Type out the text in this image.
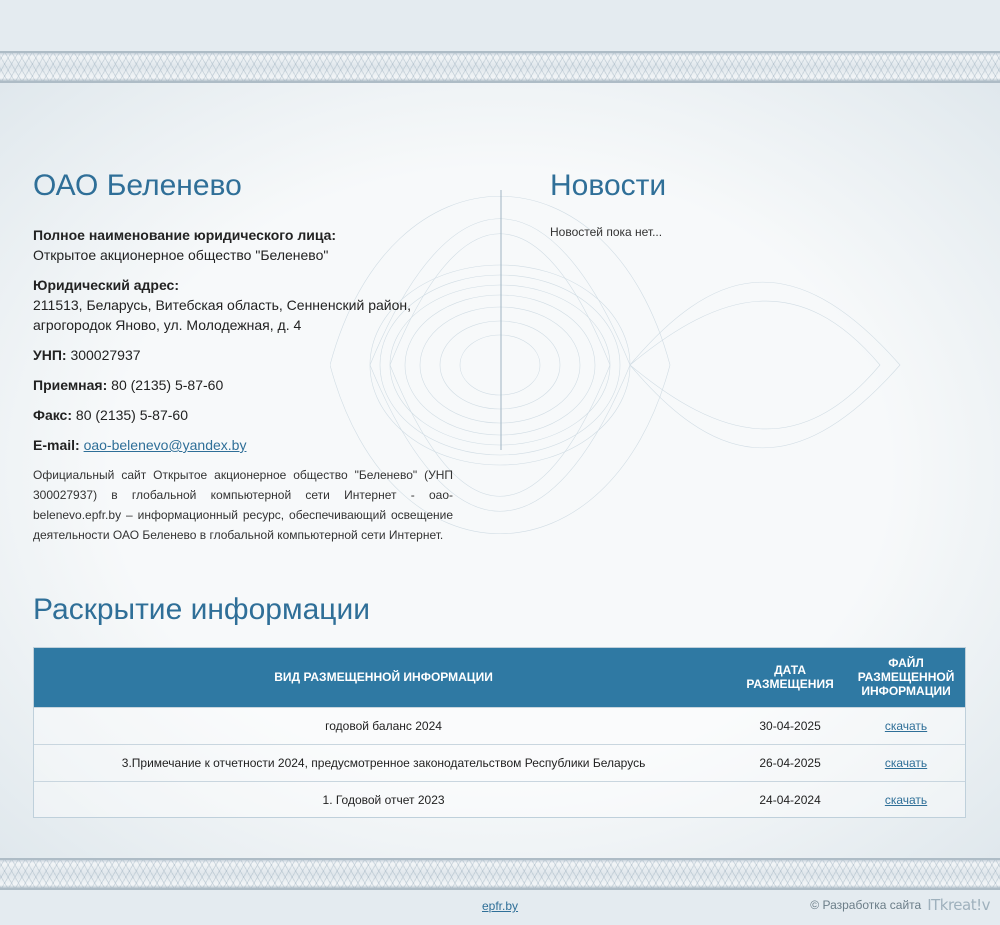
ОАО Беленево
Полное наименование юридического лица:
Открытое акционерное общество "Беленево"
Юридический адрес:
211513, Беларусь, Витебская область, Сенненский район,
агрогородок Яново, ул. Молодежная, д. 4
УНП: 300027937
Приемная: 80 (2135) 5-87-60
Факс: 80 (2135) 5-87-60
E-mail: oao-belenevo@yandex.by

Официальный сайт Открытое акционерное общество "Беленево" (УНП 300027937) в глобальной компьютерной сети Интернет - oao-belenevo.epfr.by – информационный ресурс, обеспечивающий освещение деятельности ОАО Беленево в глобальной компьютерной сети Интернет.

Новости

Новостей пока нет...

Раскрытие информации
ВИД РАЗМЕЩЕННОЙ ИНФОРМАЦИИ	ДАТА РАЗМЕЩЕНИЯ	ФАЙЛ РАЗМЕЩЕННОЙ ИНФОРМАЦИИ
годовой баланс 2024	30-04-2025	скачать
3.Примечание к отчетности 2024, предусмотренное законодательством Республики Беларусь	26-04-2025	скачать
1. Годовой отчет 2023	24-04-2024	скачать
epfr.by	© Разработка сайта ITkreat!v
